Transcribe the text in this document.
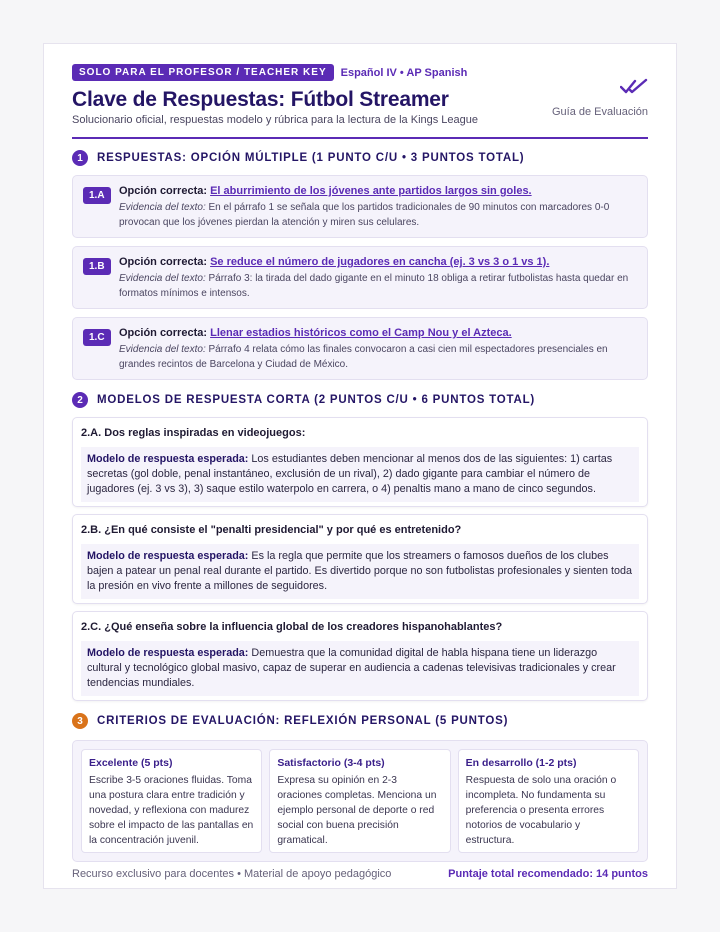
SOLO PARA EL PROFESOR / TEACHER KEY	Español IV • AP Spanish
Clave de Respuestas: Fútbol Streamer
Solucionario oficial, respuestas modelo y rúbrica para la lectura de la Kings League
Guía de Evaluación
1	RESPUESTAS: OPCIÓN MÚLTIPLE (1 PUNTO C/U • 3 PUNTOS TOTAL)
1.A	Opción correcta: El aburrimiento de los jóvenes ante partidos largos sin goles.
Evidencia del texto: En el párrafo 1 se señala que los partidos tradicionales de 90 minutos con marcadores 0-0 provocan que los jóvenes pierdan la atención y miren sus celulares.
1.B	Opción correcta: Se reduce el número de jugadores en cancha (ej. 3 vs 3 o 1 vs 1).
Evidencia del texto: Párrafo 3: la tirada del dado gigante en el minuto 18 obliga a retirar futbolistas hasta quedar en formatos mínimos e intensos.
1.C	Opción correcta: Llenar estadios históricos como el Camp Nou y el Azteca.
Evidencia del texto: Párrafo 4 relata cómo las finales convocaron a casi cien mil espectadores presenciales en grandes recintos de Barcelona y Ciudad de México.
2	MODELOS DE RESPUESTA CORTA (2 PUNTOS C/U • 6 PUNTOS TOTAL)
2.A. Dos reglas inspiradas en videojuegos:
Modelo de respuesta esperada: Los estudiantes deben mencionar al menos dos de las siguientes: 1) cartas secretas (gol doble, penal instantáneo, exclusión de un rival), 2) dado gigante para cambiar el número de jugadores (ej. 3 vs 3), 3) saque estilo waterpolo en carrera, o 4) penaltis mano a mano de cinco segundos.
2.B. ¿En qué consiste el "penalti presidencial" y por qué es entretenido?
Modelo de respuesta esperada: Es la regla que permite que los streamers o famosos dueños de los clubes bajen a patear un penal real durante el partido. Es divertido porque no son futbolistas profesionales y sienten toda la presión en vivo frente a millones de seguidores.
2.C. ¿Qué enseña sobre la influencia global de los creadores hispanohablantes?
Modelo de respuesta esperada: Demuestra que la comunidad digital de habla hispana tiene un liderazgo cultural y tecnológico global masivo, capaz de superar en audiencia a cadenas televisivas tradicionales y crear tendencias mundiales.
3	CRITERIOS DE EVALUACIÓN: REFLEXIÓN PERSONAL (5 PUNTOS)
Excelente (5 pts)
Escribe 3-5 oraciones fluidas. Toma una postura clara entre tradición y novedad, y reflexiona con madurez sobre el impacto de las pantallas en la concentración juvenil.
Satisfactorio (3-4 pts)
Expresa su opinión en 2-3 oraciones completas. Menciona un ejemplo personal de deporte o red social con buena precisión gramatical.
En desarrollo (1-2 pts)
Respuesta de solo una oración o incompleta. No fundamenta su preferencia o presenta errores notorios de vocabulario y estructura.
Recurso exclusivo para docentes • Material de apoyo pedagógico	Puntaje total recomendado: 14 puntos
